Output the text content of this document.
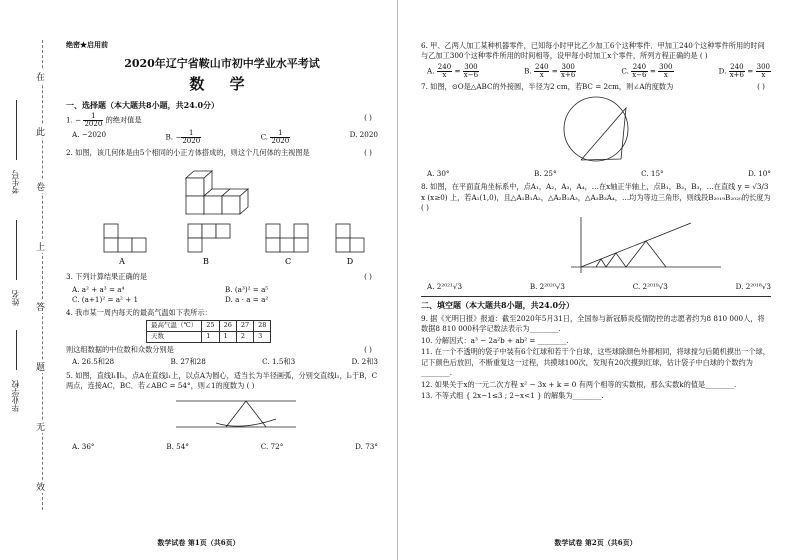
在
此
卷
上
答
题
无
效
考生号
姓名
毕业学校
绝密★启用前
2020年辽宁省鞍山市初中学业水平考试
数 学
一、选择题（本大题共8小题，共24.0分）
1. − $\frac{1}{2020}$ 的绝对值是	( )
A. −2020	B. − $\frac{1}{2020}$	C. $\frac{1}{2020}$	D. 2020
2. 如图，该几何体是由5个相同的小正方体搭成的，则这个几何体的主视图是	( )
A	B	C	D
3. 下列计算结果正确的是	( )
A. a² + a³ = a⁴	B. (a³)² = a⁵
C. (a+1)² = a² + 1	D. a · a = a²
4. 我市某一周内每天的最高气温如下表所示：
最高气温（℃）	25	26	27	28
天数	1	1	2	3
则这组数据的中位数和众数分别是	( )
A. 26.5和28	B. 27和28	C. 1.5和3	D. 2和3
5. 如图，直线l₁∥l₂，点A在直线l₁上，以点A为圆心，适当长为半径画弧，分别交直线l₁，l₂于B，C两点，连接AC，BC．若∠ABC = 54°，则∠1的度数为 ( )
A. 36°	B. 54°	C. 72°	D. 73°
数学试卷 第1页（共6页）
6. 甲、乙两人加工某种机器零件，已知每小时甲比乙少加工6个这种零件．甲加工240个这种零件所用的时间与乙加工300个这种零件所用的时间相等，设甲每小时加工x个零件，所列方程正确的是 ( )
A. $\frac{240}{x} = \frac{300}{x-6}$	B. $\frac{240}{x} = \frac{300}{x+6}$	C. $\frac{240}{x-6} = \frac{300}{x}$	D. $\frac{240}{x+6} = \frac{300}{x}$
7. 如图，⊙O是△ABC的外接圆，半径为2 cm，若BC = 2cm，则∠A的度数为	( )
A. 30°	B. 25°	C. 15°	D. 10°
8. 如图，在平面直角坐标系中，点A₁，A₂，A₃，A₄，…在x轴正半轴上，点B₁，B₂，B₃，…在直线 y = √3/3 x (x≥0) 上，若A₁(1,0)，且△A₁B₁A₂，△A₂B₂A₃，△A₃B₃A₄，…均为等边三角形，则线段B₂₀₁₉B₂₀₂₀的长度为 ( )
A. 2²⁰²¹√3	B. 2²⁰²⁰√3	C. 2²⁰¹⁹√3	D. 2²⁰¹⁸√3
二、填空题（本大题共8小题，共24.0分）
9. 据《光明日报》报道：截至2020年5月31日，全国参与新冠肺炎疫情防控的志愿者约为8 810 000人，将数据8 810 000科学记数法表示为________.
10. 分解因式：a³ − 2a²b + ab² = ________.
11. 在一个不透明的袋子中装有6个红球和若干个白球，这些球除颜色外都相同，将球搅匀后随机摸出一个球，记下颜色后放回，不断重复这一过程，共摸球100次，发现有20次摸到红球，估计袋子中白球的个数约为________.
12. 如果关于x的一元二次方程 x² − 3x + k = 0 有两个相等的实数根，那么实数k的值是________.
13. 不等式组 { 2x−1≤3 ; 2−x<1 } 的解集为________.
数学试卷 第2页（共6页）
